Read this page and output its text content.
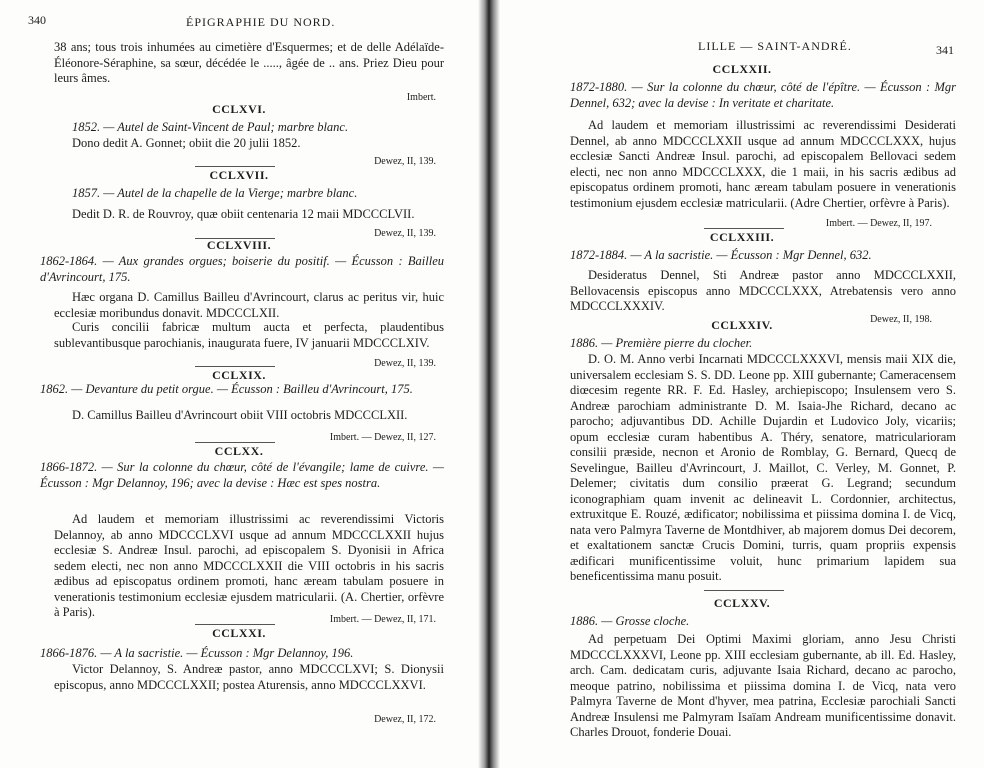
340	ÉPIGRAPHIE DU NORD.
38 ans; tous trois inhumées au cimetière d'Esquermes; et de delle Adélaïde-Éléonore-Séraphine, sa sœur, décédée le ....., âgée de .. ans. Priez Dieu pour leurs âmes.
Imbert.
CCLXVI.
1852. — Autel de Saint-Vincent de Paul; marbre blanc.
Dono dedit A. Gonnet; obiit die 20 julii 1852.
Dewez, II, 139.
CCLXVII.
1857. — Autel de la chapelle de la Vierge; marbre blanc.
Dedit D. R. de Rouvroy, quæ obiit centenaria 12 maii MDCCCLVII.
Dewez, II, 139.
CCLXVIII.
1862-1864. — Aux grandes orgues; boiserie du positif. — Écusson : Bailleu d'Avrincourt, 175.
Hæc organa D. Camillus Bailleu d'Avrincourt, clarus ac peritus vir, huic ecclesiæ moribundus donavit. MDCCCLXII.
Curis concilii fabricæ multum aucta et perfecta, plaudentibus sublevantibusque parochianis, inaugurata fuere, IV januarii MDCCCLXIV.
Dewez, II, 139.
CCLXIX.
1862. — Devanture du petit orgue. — Écusson : Bailleu d'Avrincourt, 175.
D. Camillus Bailleu d'Avrincourt obiit VIII octobris MDCCCLXII.
Imbert. — Dewez, II, 127.
CCLXX.
1866-1872. — Sur la colonne du chœur, côté de l'évangile; lame de cuivre. — Écusson : Mgr Delannoy, 196; avec la devise : Hæc est spes nostra.
Ad laudem et memoriam illustrissimi ac reverendissimi Victoris Delannoy, ab anno MDCCCLXVI usque ad annum MDCCCLXXII hujus ecclesiæ S. Andreæ Insul. parochi, ad episcopalem S. Dyonisii in Africa sedem electi, nec non anno MDCCCLXXII die VIII octobris in his sacris ædibus ad episcopatus ordinem promoti, hanc æream tabulam posuere in venerationis testimonium ecclesiæ ejusdem matricularii. (A. Chertier, orfèvre à Paris).
Imbert. — Dewez, II, 171.
CCLXXI.
1866-1876. — A la sacristie. — Écusson : Mgr Delannoy, 196.
Victor Delannoy, S. Andreæ pastor, anno MDCCCLXVI; S. Dionysii episcopus, anno MDCCCLXXII; postea Aturensis, anno MDCCCLXXVI.
Dewez, II, 172.
LILLE — SAINT-ANDRÉ.	341
CCLXXII.
1872-1880. — Sur la colonne du chœur, côté de l'épître. — Écusson : Mgr Dennel, 632; avec la devise : In veritate et charitate.
Ad laudem et memoriam illustrissimi ac reverendissimi Desiderati Dennel, ab anno MDCCCLXXII usque ad annum MDCCCLXXX, hujus ecclesiæ Sancti Andreæ Insul. parochi, ad episcopalem Bellovaci sedem electi, nec non anno MDCCCLXXX, die 1 maii, in his sacris ædibus ad episcopatus ordinem promoti, hanc æream tabulam posuere in venerationis testimonium ejusdem ecclesiæ matricularii. (Adre Chertier, orfèvre à Paris).
Imbert. — Dewez, II, 197.
CCLXXIII.
1872-1884. — A la sacristie. — Écusson : Mgr Dennel, 632.
Desideratus Dennel, Sti Andreæ pastor anno MDCCCLXXII, Bellovacensis episcopus anno MDCCCLXXX, Atrebatensis vero anno MDCCCLXXXIV.
Dewez, II, 198.
CCLXXIV.
1886. — Première pierre du clocher.
D. O. M. Anno verbi Incarnati MDCCCLXXXVI, mensis maii XIX die, universalem ecclesiam S. S. DD. Leone pp. XIII gubernante; Cameracensem diœcesim regente RR. F. Ed. Hasley, archiepiscopo; Insulensem vero S. Andreæ parochiam administrante D. M. Isaia-Jhe Richard, decano ac parocho; adjuvantibus DD. Achille Dujardin et Ludovico Joly, vicariis; opum ecclesiæ curam habentibus A. Théry, senatore, matricularioram consilii præside, necnon et Aronio de Romblay, G. Bernard, Quecq de Sevelingue, Bailleu d'Avrincourt, J. Maillot, C. Verley, M. Gonnet, P. Delemer; civitatis dum consilio præerat G. Legrand; secundum iconographiam quam invenit ac delineavit L. Cordonnier, architectus, extruxitque E. Rouzé, ædificator; nobilissima et piissima domina I. de Vicq, nata vero Palmyra Taverne de Montdhiver, ab majorem domus Dei decorem, et exaltationem sanctæ Crucis Domini, turris, quam propriis expensis ædificari munificentissime voluit, hunc primarium lapidem sua beneficentissima manu posuit.
CCLXXV.
1886. — Grosse cloche.
Ad perpetuam Dei Optimi Maximi gloriam, anno Jesu Christi MDCCCLXXXVI, Leone pp. XIII ecclesiam gubernante, ab ill. Ed. Hasley, arch. Cam. dedicatam curis, adjuvante Isaia Richard, decano ac parocho, meoque patrino, nobilissima et piissima domina I. de Vicq, nata vero Palmyra Taverne de Mont d'hyver, mea patrina, Ecclesiæ parochiali Sancti Andreæ Insulensi me Palmyram Isaïam Andream munificentissime donavit. Charles Drouot, fonderie Douai.
